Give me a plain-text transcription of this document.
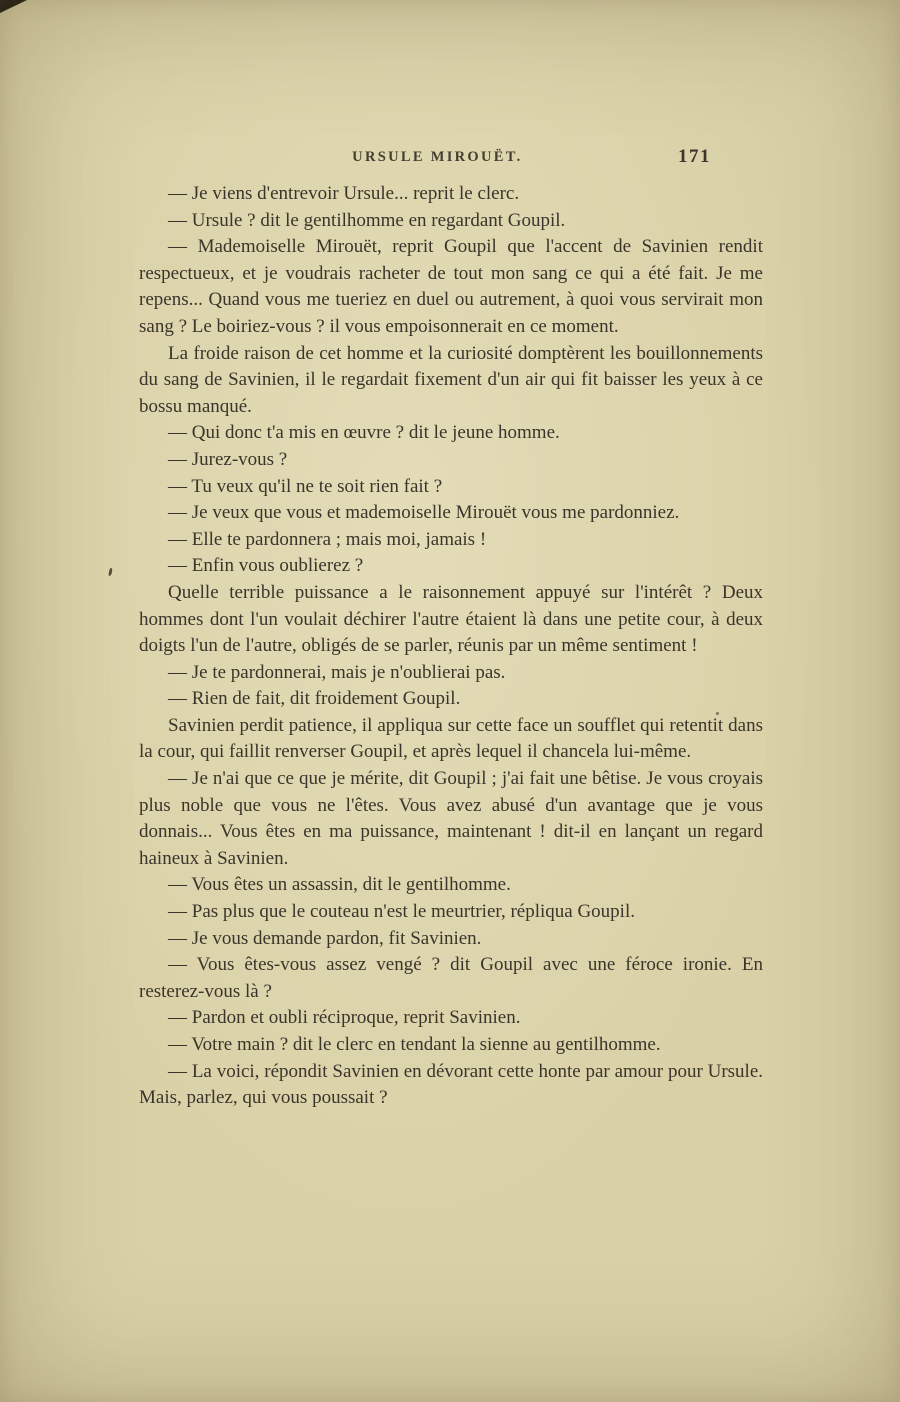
URSULE MIROUËT.	171

— Je viens d'entrevoir Ursule... reprit le clerc.

— Ursule ? dit le gentilhomme en regardant Goupil.

— Mademoiselle Mirouët, reprit Goupil que l'accent de Savinien rendit respectueux, et je voudrais racheter de tout mon sang ce qui a été fait. Je me repens... Quand vous me tueriez en duel ou autrement, à quoi vous servirait mon sang ? Le boiriez-vous ? il vous empoisonnerait en ce moment.

La froide raison de cet homme et la curiosité domptèrent les bouillonnements du sang de Savinien, il le regardait fixement d'un air qui fit baisser les yeux à ce bossu manqué.

— Qui donc t'a mis en œuvre ? dit le jeune homme.

— Jurez-vous ?

— Tu veux qu'il ne te soit rien fait ?

— Je veux que vous et mademoiselle Mirouët vous me pardonniez.

— Elle te pardonnera ; mais moi, jamais !

— Enfin vous oublierez ?

Quelle terrible puissance a le raisonnement appuyé sur l'intérêt ? Deux hommes dont l'un voulait déchirer l'autre étaient là dans une petite cour, à deux doigts l'un de l'autre, obligés de se parler, réunis par un même sentiment !

— Je te pardonnerai, mais je n'oublierai pas.

— Rien de fait, dit froidement Goupil.

Savinien perdit patience, il appliqua sur cette face un soufflet qui retentit dans la cour, qui faillit renverser Goupil, et après lequel il chancela lui-même.

— Je n'ai que ce que je mérite, dit Goupil ; j'ai fait une bêtise. Je vous croyais plus noble que vous ne l'êtes. Vous avez abusé d'un avantage que je vous donnais... Vous êtes en ma puissance, maintenant ! dit-il en lançant un regard haineux à Savinien.

— Vous êtes un assassin, dit le gentilhomme.

— Pas plus que le couteau n'est le meurtrier, répliqua Goupil.

— Je vous demande pardon, fit Savinien.

— Vous êtes-vous assez vengé ? dit Goupil avec une féroce ironie. En resterez-vous là ?

— Pardon et oubli réciproque, reprit Savinien.

— Votre main ? dit le clerc en tendant la sienne au gentilhomme.

— La voici, répondit Savinien en dévorant cette honte par amour pour Ursule. Mais, parlez, qui vous poussait ?
